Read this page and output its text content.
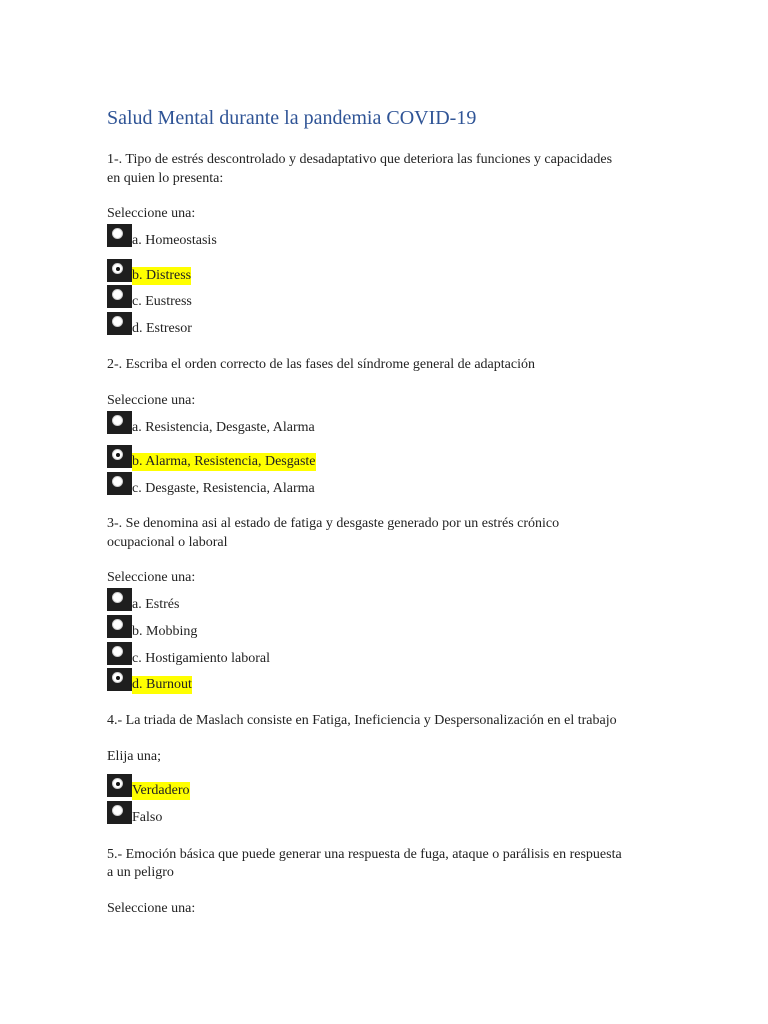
Salud Mental durante la pandemia COVID-19
1-. Tipo de estrés descontrolado y desadaptativo que deteriora las funciones y capacidades
en quien lo presenta:
Seleccione una:
a. Homeostasis
b. Distress
c. Eustress
d. Estresor
2-. Escriba el orden correcto de las fases del síndrome general de adaptación
Seleccione una:
a. Resistencia, Desgaste, Alarma
b. Alarma, Resistencia, Desgaste
c. Desgaste, Resistencia, Alarma
3-. Se denomina asi al estado de fatiga y desgaste generado por un estrés crónico
ocupacional o laboral
Seleccione una:
a. Estrés
b. Mobbing
c. Hostigamiento laboral
d. Burnout
4.- La triada de Maslach consiste en Fatiga, Ineficiencia y Despersonalización en el trabajo
Elija una;
Verdadero
Falso
5.- Emoción básica que puede generar una respuesta de fuga, ataque o parálisis en respuesta
a un peligro
Seleccione una:
